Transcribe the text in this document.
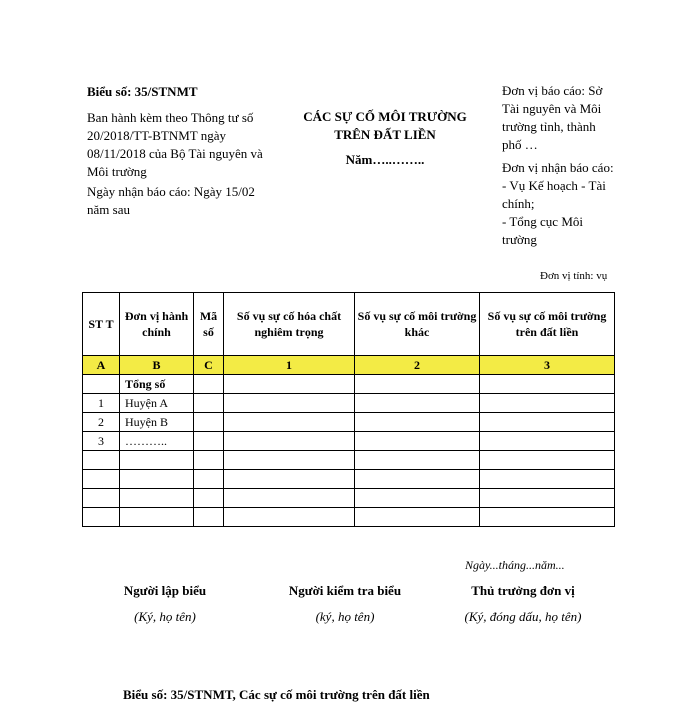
Biểu số: 35/STNMT
Ban hành kèm theo Thông tư số 20/2018/TT-BTNMT ngày 08/11/2018 của Bộ Tài nguyên và Môi trường
Ngày nhận báo cáo: Ngày 15/02 năm sau
CÁC SỰ CỐ MÔI TRƯỜNG
TRÊN ĐẤT LIỀN
Năm…..……..
Đơn vị báo cáo: Sở Tài nguyên và Môi trường tỉnh, thành phố …
Đơn vị nhận báo cáo:
- Vụ Kế hoạch - Tài chính;
- Tổng cục Môi trường
Đơn vị tính: vụ
ST T	Đơn vị hành chính	Mã số	Số vụ sự cố hóa chất nghiêm trọng	Số vụ sự cố môi trường khác	Số vụ sự cố môi trường trên đất liền
A	B	C	1	2	3
	Tổng số				
1	Huyện A				
2	Huyện B				
3	………..				

Ngày...tháng...năm...
Người lập biểu	Người kiểm tra biểu	Thủ trưởng đơn vị
(Ký, họ tên)	(ký, họ tên)	(Ký, đóng dấu, họ tên)
Biểu số: 35/STNMT, Các sự cố môi trường trên đất liền
